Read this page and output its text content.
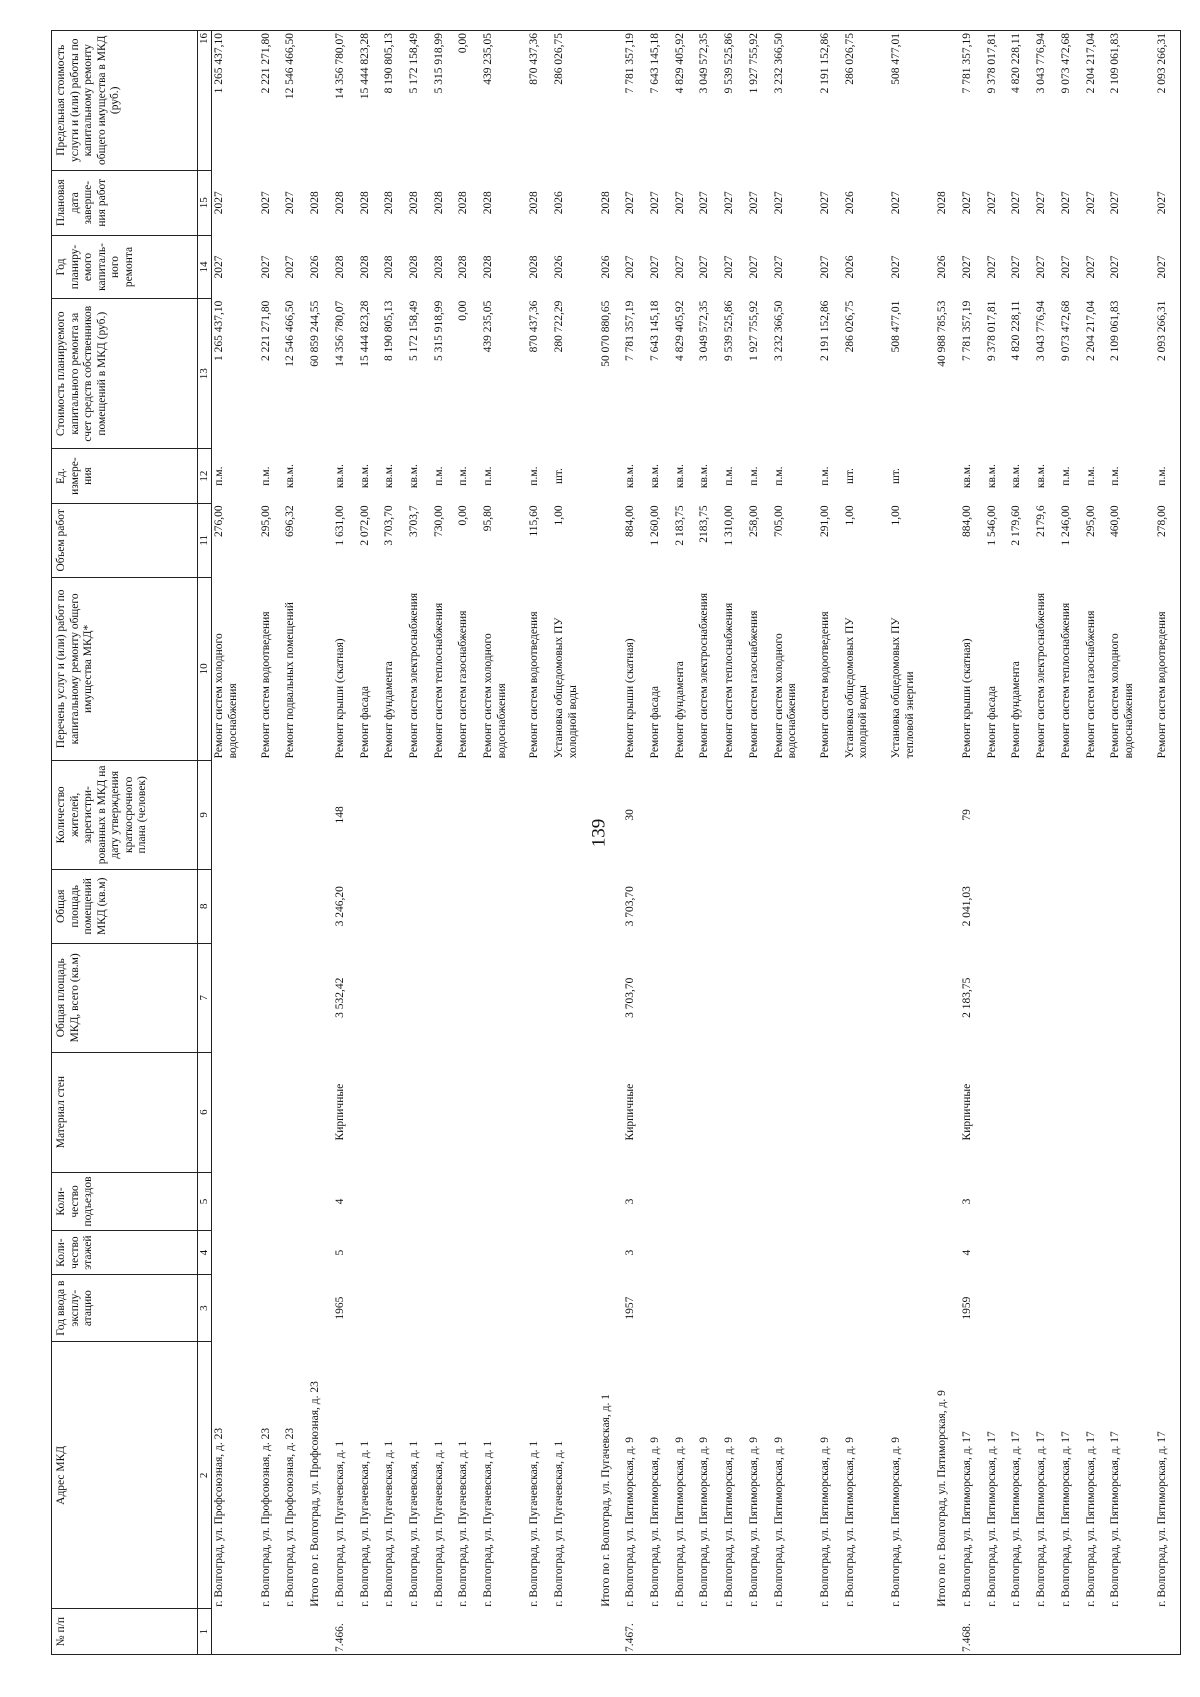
139
№ п/п	Адрес МКД	Год ввода в эксплу-атацию	Коли-чество этажей	Коли-чество подъездов	Материал стен	Общая площадь МКД, всего (кв.м)	Общая площадь помещений МКД (кв.м)	Количество жителей, зарегистри-рованных в МКД на дату утверждения краткосрочного плана (человек)	Перечень услуг и (или) работ по капитальному ремонту общего имущества МКД*	Объем работ	Ед. измере-ния	Стоимость планируемого капитального ремонта за счет средств собственников помещений в МКД (руб.)	Год планиру-емого капиталь-ного ремонта	Плановая дата заверше-ния работ	Предельная стоимость услуги и (или) работы по капитальному ремонту общего имущества в МКД (руб.)
1	2	3	4	5	6	7	8	9	10	11	12	13	14	15	16
	г. Волгоград, ул. Профсоюзная, д. 23								Ремонт систем холодного водоснабжения	276,00	п.м.	1 265 437,10	2027	2027	1 265 437,10
	г. Волгоград, ул. Профсоюзная, д. 23								Ремонт систем водоотведения	295,00	п.м.	2 221 271,80	2027	2027	2 221 271,80
	г. Волгоград, ул. Профсоюзная, д. 23								Ремонт подвальных помещений	696,32	кв.м.	12 546 466,50	2027	2027	12 546 466,50
	Итого по г. Волгоград, ул. Профсоюзная, д. 23											60 859 244,55	2026	2028	
7.466.	г. Волгоград, ул. Пугачевская, д. 1	1965	5	4	Кирпичные	3 532,42	3 246,20	148	Ремонт крыши (скатная)	1 631,00	кв.м.	14 356 780,07	2028	2028	14 356 780,07
	г. Волгоград, ул. Пугачевская, д. 1								Ремонт фасада	2 072,00	кв.м.	15 444 823,28	2028	2028	15 444 823,28
	г. Волгоград, ул. Пугачевская, д. 1								Ремонт фундамента	3 703,70	кв.м.	8 190 805,13	2028	2028	8 190 805,13
	г. Волгоград, ул. Пугачевская, д. 1								Ремонт систем электроснабжения	3703,7	кв.м.	5 172 158,49	2028	2028	5 172 158,49
	г. Волгоград, ул. Пугачевская, д. 1								Ремонт систем теплоснабжения	730,00	п.м.	5 315 918,99	2028	2028	5 315 918,99
	г. Волгоград, ул. Пугачевская, д. 1								Ремонт систем газоснабжения	0,00	п.м.	0,00	2028	2028	0,00
	г. Волгоград, ул. Пугачевская, д. 1								Ремонт систем холодного водоснабжения	95,80	п.м.	439 235,05	2028	2028	439 235,05
	г. Волгоград, ул. Пугачевская, д. 1								Ремонт систем водоотведения	115,60	п.м.	870 437,36	2028	2028	870 437,36
	г. Волгоград, ул. Пугачевская, д. 1								Установка общедомовых ПУ холодной воды	1,00	шт.	280 722,29	2026	2026	286 026,75
	Итого по г. Волгоград, ул. Пугачевская, д. 1											50 070 880,65	2026	2028	
7.467.	г. Волгоград, ул. Пятиморская, д. 9	1957	3	3	Кирпичные	3 703,70	3 703,70	30	Ремонт крыши (скатная)	884,00	кв.м.	7 781 357,19	2027	2027	7 781 357,19
	г. Волгоград, ул. Пятиморская, д. 9								Ремонт фасада	1 260,00	кв.м.	7 643 145,18	2027	2027	7 643 145,18
	г. Волгоград, ул. Пятиморская, д. 9								Ремонт фундамента	2 183,75	кв.м.	4 829 405,92	2027	2027	4 829 405,92
	г. Волгоград, ул. Пятиморская, д. 9								Ремонт систем электроснабжения	2183,75	кв.м.	3 049 572,35	2027	2027	3 049 572,35
	г. Волгоград, ул. Пятиморская, д. 9								Ремонт систем теплоснабжения	1 310,00	п.м.	9 539 525,86	2027	2027	9 539 525,86
	г. Волгоград, ул. Пятиморская, д. 9								Ремонт систем газоснабжения	258,00	п.м.	1 927 755,92	2027	2027	1 927 755,92
	г. Волгоград, ул. Пятиморская, д. 9								Ремонт систем холодного водоснабжения	705,00	п.м.	3 232 366,50	2027	2027	3 232 366,50
	г. Волгоград, ул. Пятиморская, д. 9								Ремонт систем водоотведения	291,00	п.м.	2 191 152,86	2027	2027	2 191 152,86
	г. Волгоград, ул. Пятиморская, д. 9								Установка общедомовых ПУ холодной воды	1,00	шт.	286 026,75	2026	2026	286 026,75
	г. Волгоград, ул. Пятиморская, д. 9								Установка общедомовых ПУ тепловой энергии	1,00	шт.	508 477,01	2027	2027	508 477,01
	Итого по г. Волгоград, ул. Пятиморская, д. 9											40 988 785,53	2026	2028	
7.468.	г. Волгоград, ул. Пятиморская, д. 17	1959	4	3	Кирпичные	2 183,75	2 041,03	79	Ремонт крыши (скатная)	884,00	кв.м.	7 781 357,19	2027	2027	7 781 357,19
	г. Волгоград, ул. Пятиморская, д. 17								Ремонт фасада	1 546,00	кв.м.	9 378 017,81	2027	2027	9 378 017,81
	г. Волгоград, ул. Пятиморская, д. 17								Ремонт фундамента	2 179,60	кв.м.	4 820 228,11	2027	2027	4 820 228,11
	г. Волгоград, ул. Пятиморская, д. 17								Ремонт систем электроснабжения	2179,6	кв.м.	3 043 776,94	2027	2027	3 043 776,94
	г. Волгоград, ул. Пятиморская, д. 17								Ремонт систем теплоснабжения	1 246,00	п.м.	9 073 472,68	2027	2027	9 073 472,68
	г. Волгоград, ул. Пятиморская, д. 17								Ремонт систем газоснабжения	295,00	п.м.	2 204 217,04	2027	2027	2 204 217,04
	г. Волгоград, ул. Пятиморская, д. 17								Ремонт систем холодного водоснабжения	460,00	п.м.	2 109 061,83	2027	2027	2 109 061,83
	г. Волгоград, ул. Пятиморская, д. 17								Ремонт систем водоотведения	278,00	п.м.	2 093 266,31	2027	2027	2 093 266,31
